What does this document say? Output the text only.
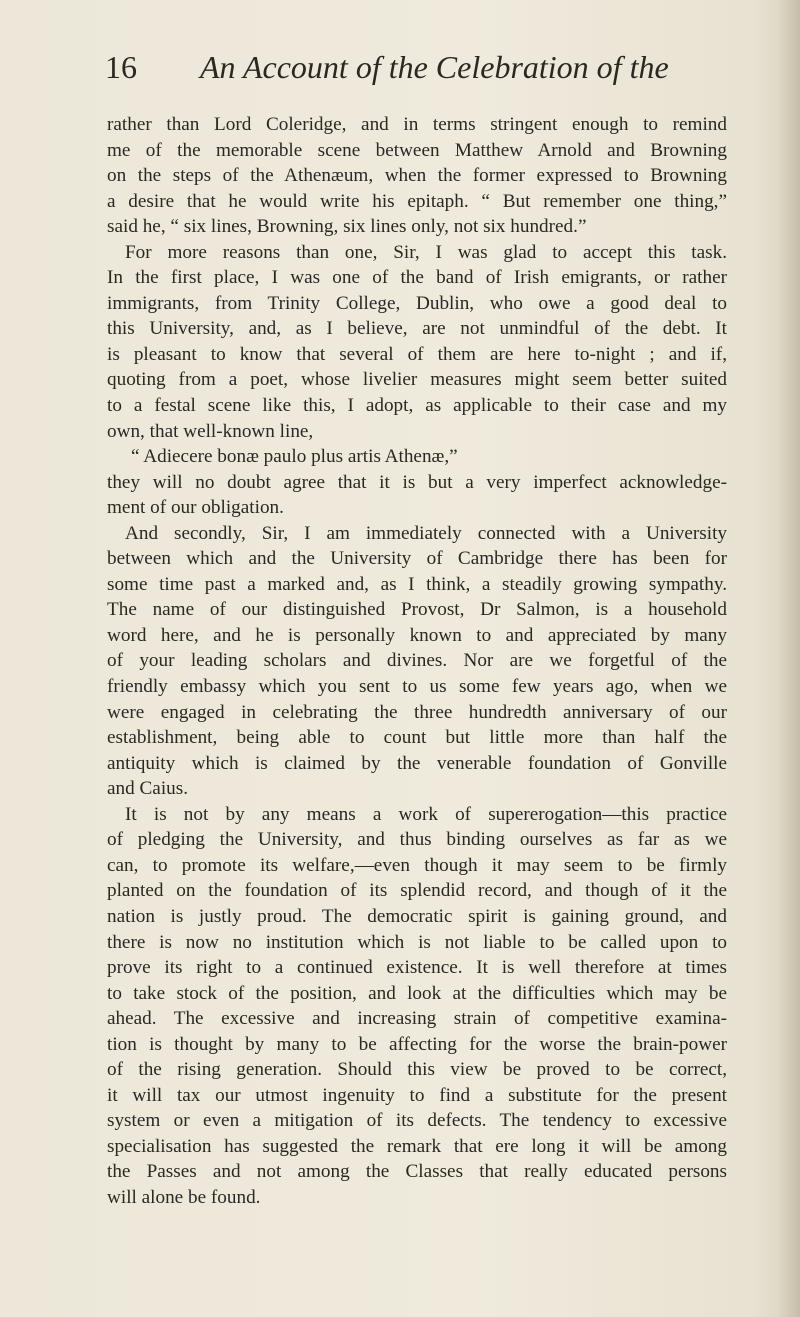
16 An Account of the Celebration of the
rather than Lord Coleridge, and in terms stringent enough to remind
me of the memorable scene between Matthew Arnold and Browning
on the steps of the Athenæum, when the former expressed to Browning
a desire that he would write his epitaph. “ But remember one thing,”
said he, “ six lines, Browning, six lines only, not six hundred.”
For more reasons than one, Sir, I was glad to accept this task.
In the first place, I was one of the band of Irish emigrants, or rather
immigrants, from Trinity College, Dublin, who owe a good deal to
this University, and, as I believe, are not unmindful of the debt. It
is pleasant to know that several of them are here to-night ; and if,
quoting from a poet, whose livelier measures might seem better suited
to a festal scene like this, I adopt, as applicable to their case and my
own, that well-known line,
“ Adiecere bonæ paulo plus artis Athenæ,”
they will no doubt agree that it is but a very imperfect acknowledge-
ment of our obligation.
And secondly, Sir, I am immediately connected with a University
between which and the University of Cambridge there has been for
some time past a marked and, as I think, a steadily growing sympathy.
The name of our distinguished Provost, Dr Salmon, is a household
word here, and he is personally known to and appreciated by many
of your leading scholars and divines. Nor are we forgetful of the
friendly embassy which you sent to us some few years ago, when we
were engaged in celebrating the three hundredth anniversary of our
establishment, being able to count but little more than half the
antiquity which is claimed by the venerable foundation of Gonville
and Caius.
It is not by any means a work of supererogation—this practice
of pledging the University, and thus binding ourselves as far as we
can, to promote its welfare,—even though it may seem to be firmly
planted on the foundation of its splendid record, and though of it the
nation is justly proud. The democratic spirit is gaining ground, and
there is now no institution which is not liable to be called upon to
prove its right to a continued existence. It is well therefore at times
to take stock of the position, and look at the difficulties which may be
ahead. The excessive and increasing strain of competitive examina-
tion is thought by many to be affecting for the worse the brain-power
of the rising generation. Should this view be proved to be correct,
it will tax our utmost ingenuity to find a substitute for the present
system or even a mitigation of its defects. The tendency to excessive
specialisation has suggested the remark that ere long it will be among
the Passes and not among the Classes that really educated persons
will alone be found.
